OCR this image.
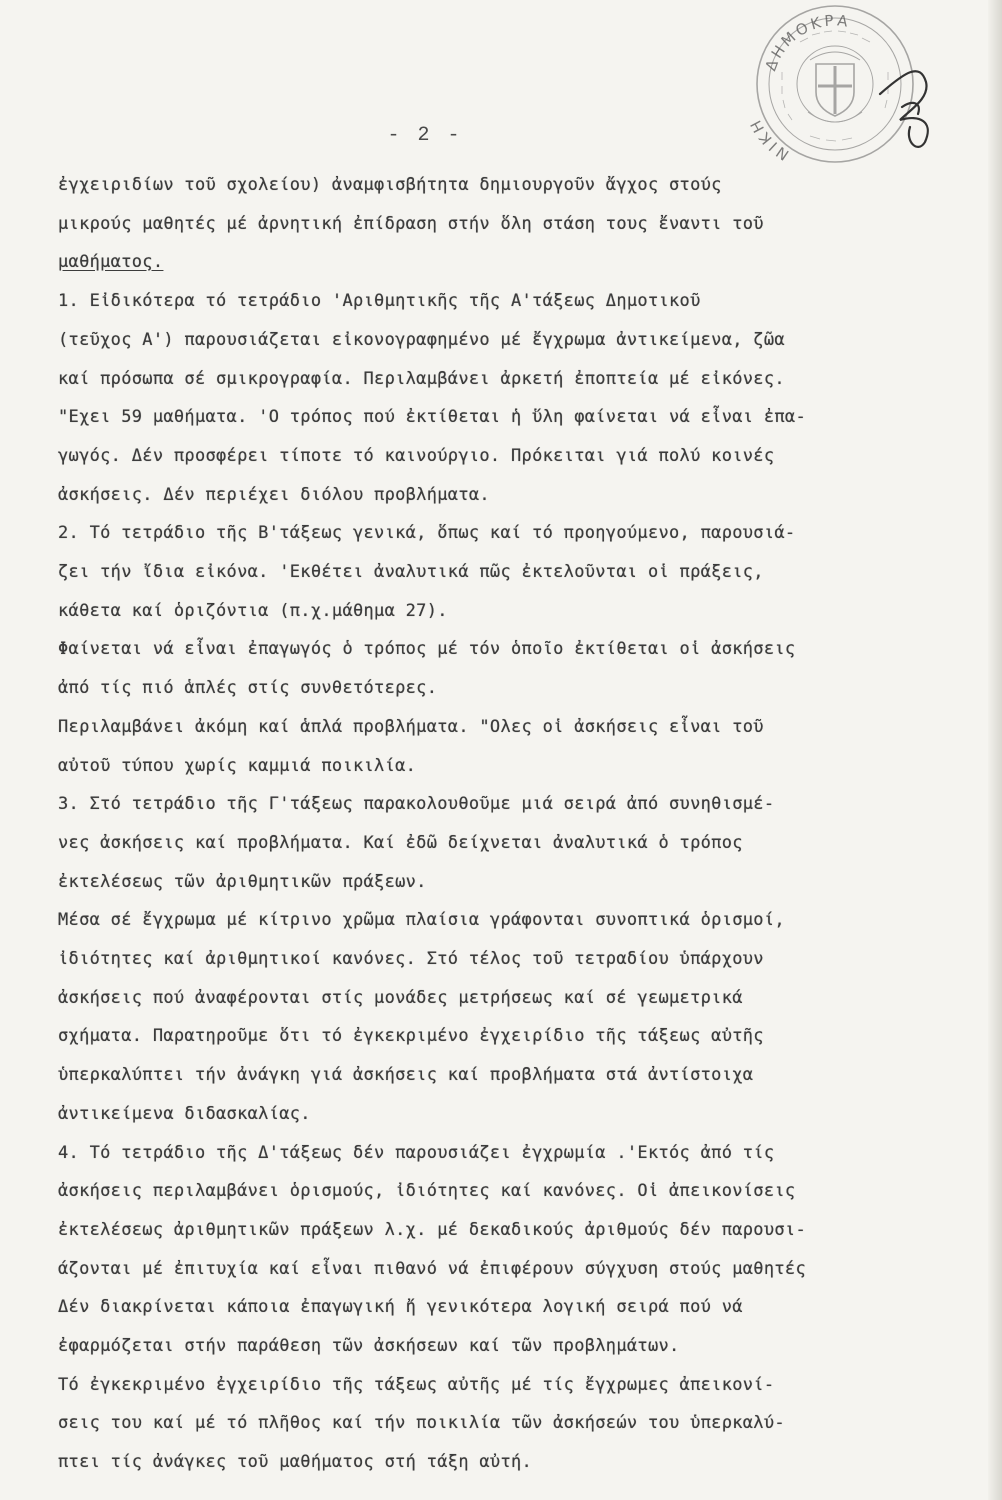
- 2 -
ΔΗΜΟΚΡΑ
ΝΙΚΗ
ἐγχειριδίων τοῦ σχολείου) ἀναμφισβήτητα δημιουργοῦν ἄγχος στούς
μικρούς μαθητές μέ ἀρνητική ἐπίδραση στήν ὅλη στάση τους ἔναντι τοῦ
μαθήματος.
1. Εἰδικότερα τό τετράδιο 'Αριθμητικῆς τῆς Α'τάξεως Δημοτικοῦ
(τεῦχος Α') παρουσιάζεται εἰκονογραφημένο μέ ἔγχρωμα ἀντικείμενα, ζῶα
καί πρόσωπα σέ σμικρογραφία. Περιλαμβάνει ἀρκετή ἐποπτεία μέ εἰκόνες.
"Εχει 59 μαθήματα. 'Ο τρόπος πού ἐκτίθεται ἡ ὕλη φαίνεται νά εἶναι ἐπα-
γωγός. Δέν προσφέρει τίποτε τό καινούργιο. Πρόκειται γιά πολύ κοινές
ἀσκήσεις. Δέν περιέχει διόλου προβλήματα.
2. Τό τετράδιο τῆς Β'τάξεως γενικά, ὅπως καί τό προηγούμενο, παρουσιά-
ζει τήν ἴδια εἰκόνα. 'Εκθέτει ἀναλυτικά πῶς ἐκτελοῦνται οἱ πράξεις,
κάθετα καί ὁριζόντια (π.χ.μάθημα 27).
Φαίνεται νά εἶναι ἐπαγωγός ὁ τρόπος μέ τόν ὁποῖο ἐκτίθεται οἱ ἀσκήσεις
ἀπό τίς πιό ἁπλές στίς συνθετότερες.
Περιλαμβάνει ἀκόμη καί ἁπλά προβλήματα. "Ολες οἱ ἀσκήσεις εἶναι τοῦ
αὐτοῦ τύπου χωρίς καμμιά ποικιλία.
3. Στό τετράδιο τῆς Γ'τάξεως παρακολουθοῦμε μιά σειρά ἀπό συνηθισμέ-
νες ἀσκήσεις καί προβλήματα. Καί ἐδῶ δείχνεται ἀναλυτικά ὁ τρόπος
ἐκτελέσεως τῶν ἀριθμητικῶν πράξεων.
Μέσα σέ ἔγχρωμα μέ κίτρινο χρῶμα πλαίσια γράφονται συνοπτικά ὁρισμοί,
ἰδιότητες καί ἀριθμητικοί κανόνες. Στό τέλος τοῦ τετραδίου ὑπάρχουν
ἀσκήσεις πού ἀναφέρονται στίς μονάδες μετρήσεως καί σέ γεωμετρικά
σχήματα. Παρατηροῦμε ὅτι τό ἐγκεκριμένο ἐγχειρίδιο τῆς τάξεως αὐτῆς
ὑπερκαλύπτει τήν ἀνάγκη γιά ἀσκήσεις καί προβλήματα στά ἀντίστοιχα
ἀντικείμενα διδασκαλίας.
4. Τό τετράδιο τῆς Δ'τάξεως δέν παρουσιάζει ἐγχρωμία .'Εκτός ἀπό τίς
ἀσκήσεις περιλαμβάνει ὁρισμούς, ἰδιότητες καί κανόνες. Οἱ ἀπεικονίσεις
ἐκτελέσεως ἀριθμητικῶν πράξεων λ.χ. μέ δεκαδικούς ἀριθμούς δέν παρουσι-
άζονται μέ ἐπιτυχία καί εἶναι πιθανό νά ἐπιφέρουν σύγχυση στούς μαθητές
Δέν διακρίνεται κάποια ἐπαγωγική ἤ γενικότερα λογική σειρά πού νά
ἐφαρμόζεται στήν παράθεση τῶν ἀσκήσεων καί τῶν προβλημάτων.
Τό ἐγκεκριμένο ἐγχειρίδιο τῆς τάξεως αὐτῆς μέ τίς ἔγχρωμες ἀπεικονί-
σεις του καί μέ τό πλῆθος καί τήν ποικιλία τῶν ἀσκήσεών του ὑπερκαλύ-
πτει τίς ἀνάγκες τοῦ μαθήματος στή τάξη αὐτή.
